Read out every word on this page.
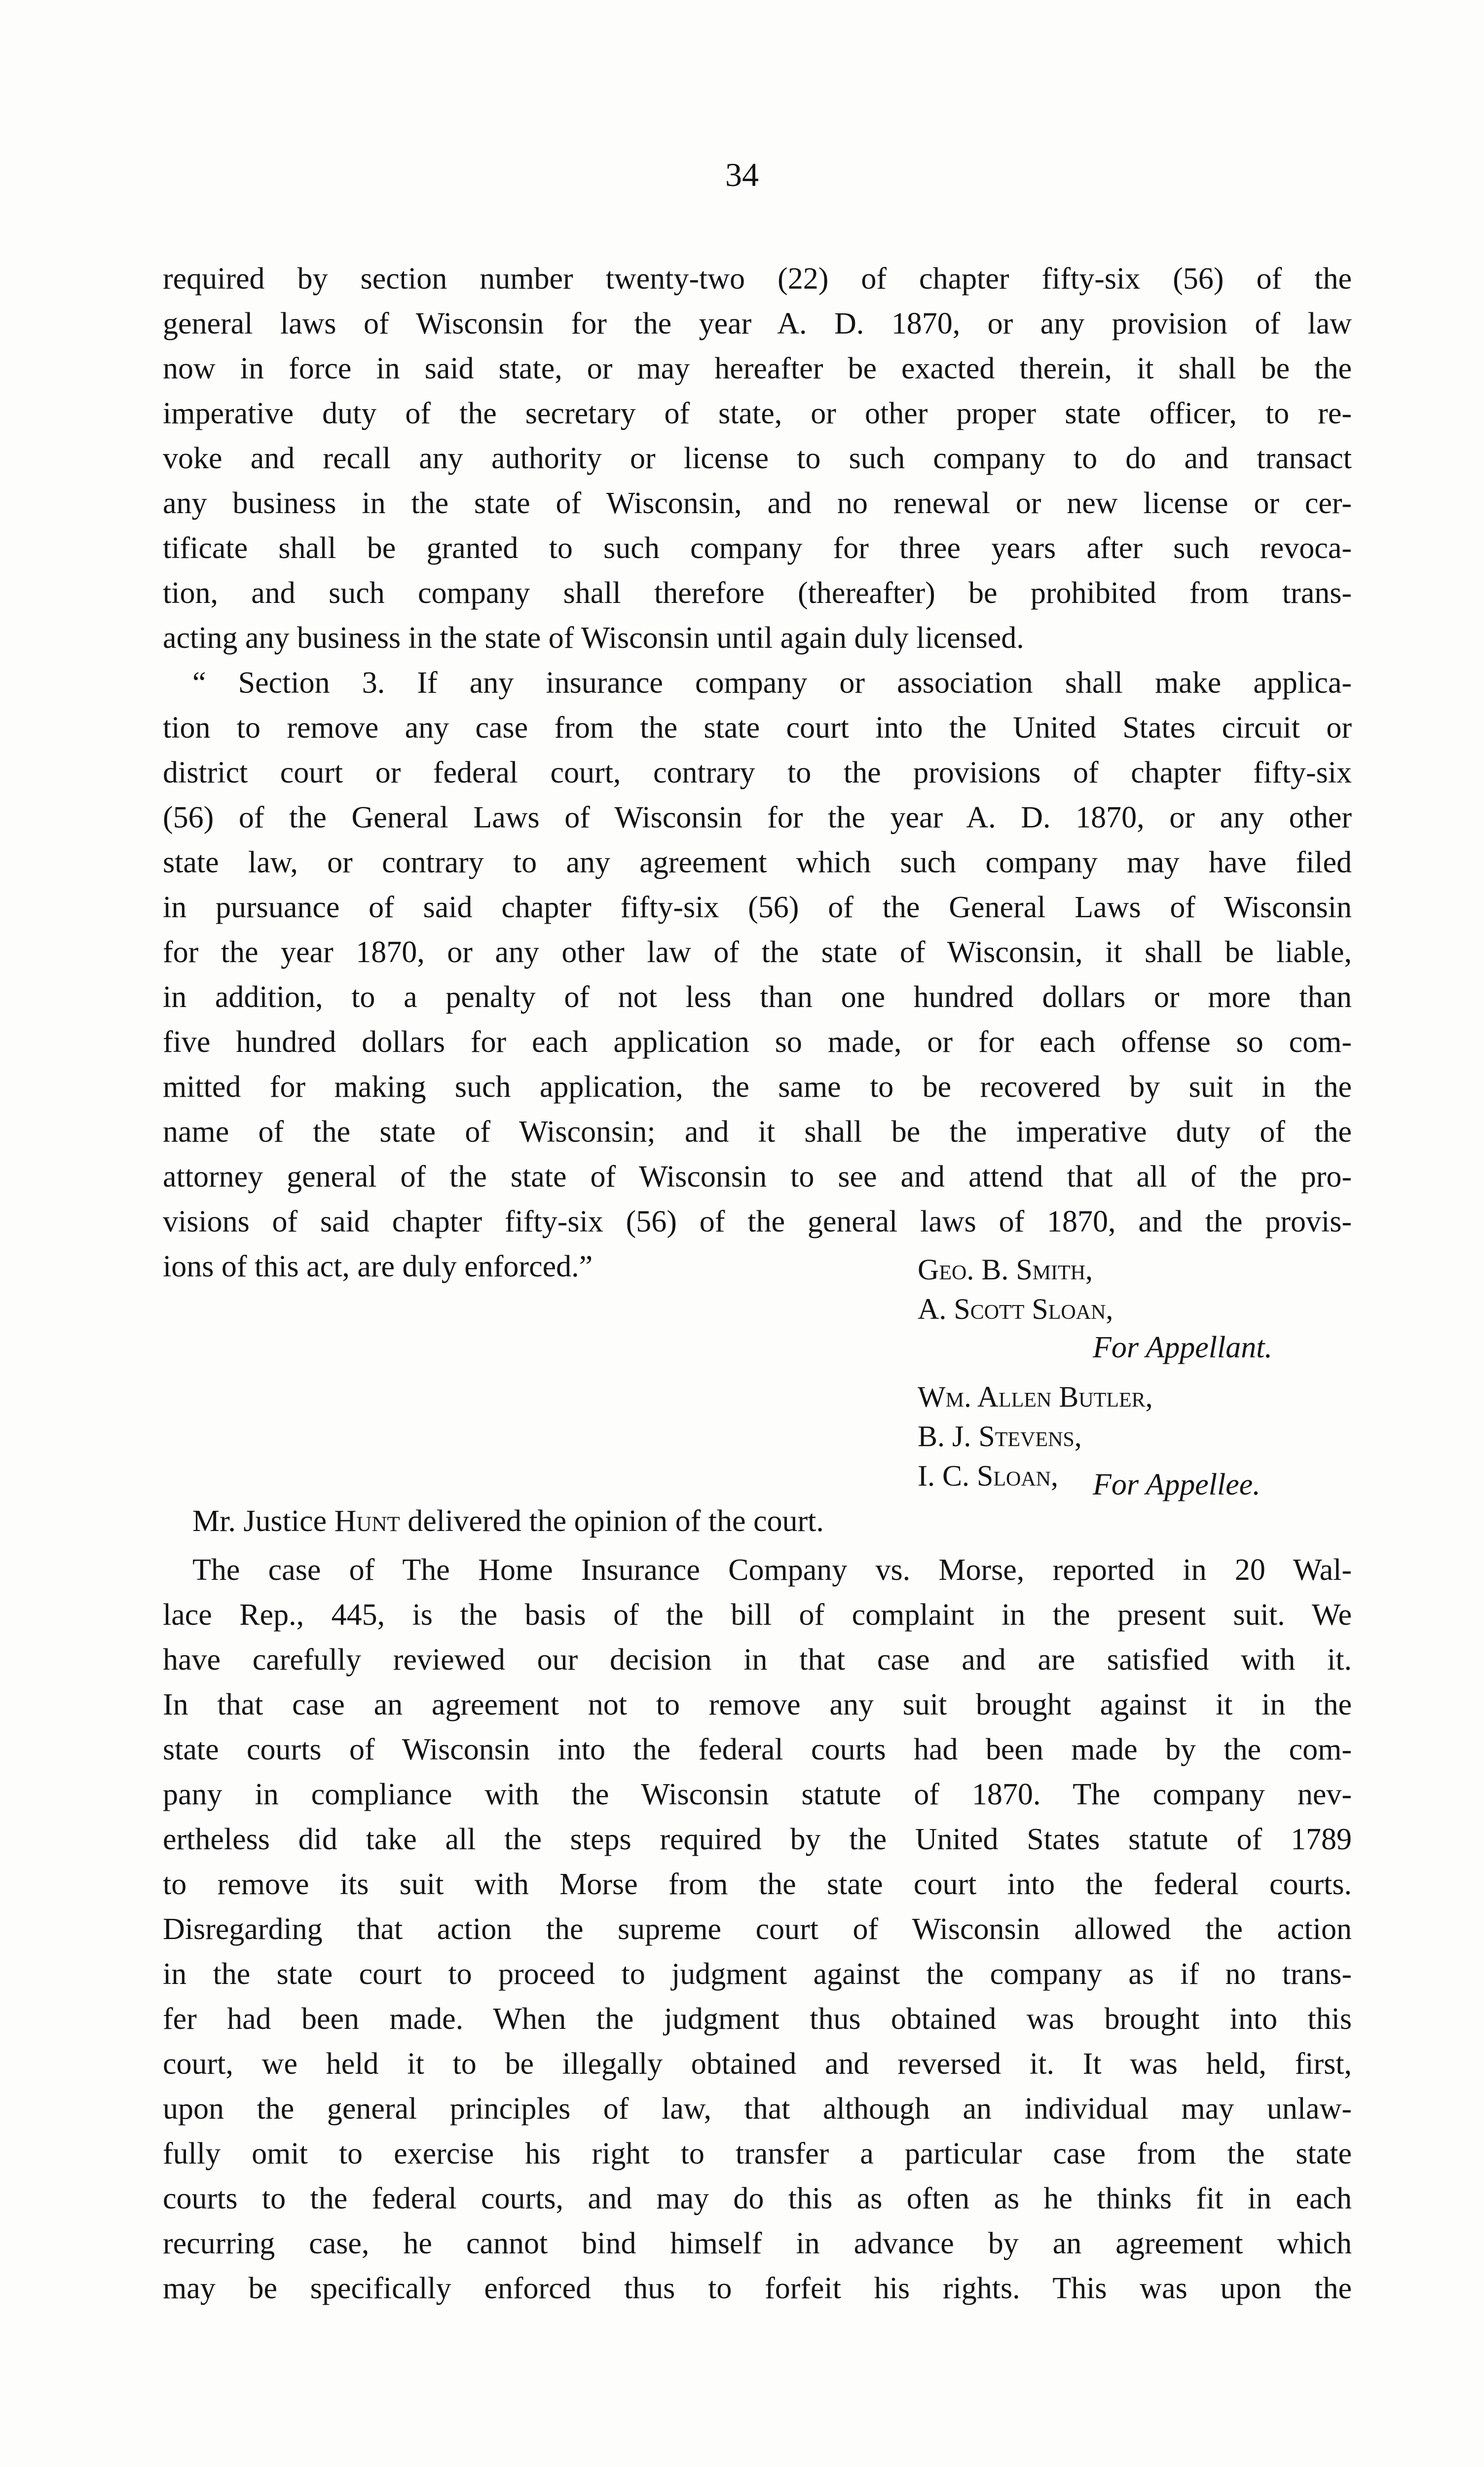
34
required by section number twenty-two (22) of chapter fifty-six (56) of the
general laws of Wisconsin for the year A. D. 1870, or any provision of law
now in force in said state, or may hereafter be exacted therein, it shall be the
imperative duty of the secretary of state, or other proper state officer, to re-
voke and recall any authority or license to such company to do and transact
any business in the state of Wisconsin, and no renewal or new license or cer-
tificate shall be granted to such company for three years after such revoca-
tion, and such company shall therefore (thereafter) be prohibited from trans-
acting any business in the state of Wisconsin until again duly licensed.
“ Section 3. If any insurance company or association shall make applica-
tion to remove any case from the state court into the United States circuit or
district court or federal court, contrary to the provisions of chapter fifty-six
(56) of the General Laws of Wisconsin for the year A. D. 1870, or any other
state law, or contrary to any agreement which such company may have filed
in pursuance of said chapter fifty-six (56) of the General Laws of Wisconsin
for the year 1870, or any other law of the state of Wisconsin, it shall be liable,
in addition, to a penalty of not less than one hundred dollars or more than
five hundred dollars for each application so made, or for each offense so com-
mitted for making such application, the same to be recovered by suit in the
name of the state of Wisconsin; and it shall be the imperative duty of the
attorney general of the state of Wisconsin to see and attend that all of the pro-
visions of said chapter fifty-six (56) of the general laws of 1870, and the provis-
ions of this act, are duly enforced.”	Geo. B. Smith,
A. Scott Sloan,
For Appellant.
Wm. Allen Butler,
B. J. Stevens,
I. C. Sloan, For Appellee.
Mr. Justice Hunt delivered the opinion of the court.
The case of The Home Insurance Company vs. Morse, reported in 20 Wal-
lace Rep., 445, is the basis of the bill of complaint in the present suit. We
have carefully reviewed our decision in that case and are satisfied with it.
In that case an agreement not to remove any suit brought against it in the
state courts of Wisconsin into the federal courts had been made by the com-
pany in compliance with the Wisconsin statute of 1870. The company nev-
ertheless did take all the steps required by the United States statute of 1789
to remove its suit with Morse from the state court into the federal courts.
Disregarding that action the supreme court of Wisconsin allowed the action
in the state court to proceed to judgment against the company as if no trans-
fer had been made. When the judgment thus obtained was brought into this
court, we held it to be illegally obtained and reversed it. It was held, first,
upon the general principles of law, that although an individual may unlaw-
fully omit to exercise his right to transfer a particular case from the state
courts to the federal courts, and may do this as often as he thinks fit in each
recurring case, he cannot bind himself in advance by an agreement which
may be specifically enforced thus to forfeit his rights. This was upon the
